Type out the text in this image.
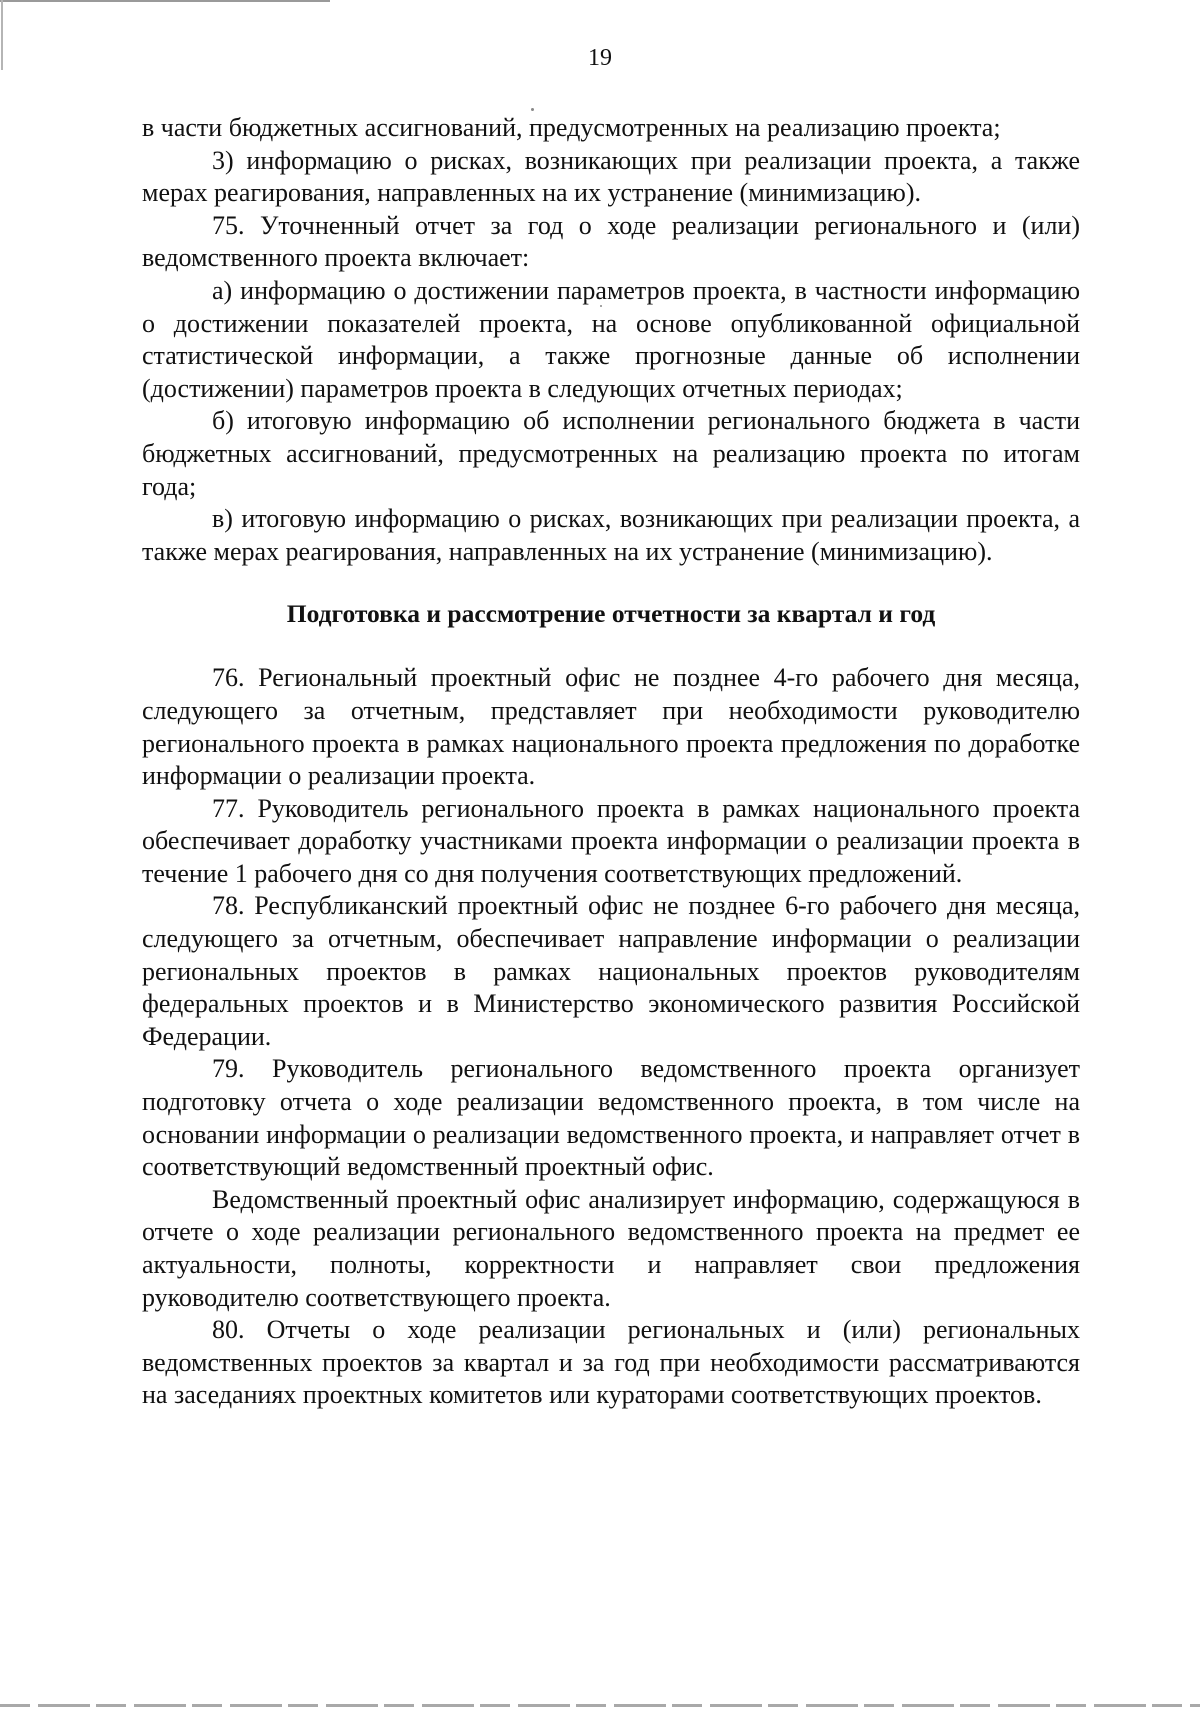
19

в части бюджетных ассигнований, предусмотренных на реализацию проекта;

3) информацию о рисках, возникающих при реализации проекта, а также мерах реагирования, направленных на их устранение (минимизацию).

75. Уточненный отчет за год о ходе реализации регионального и (или) ведомственного проекта включает:

а) информацию о достижении параметров проекта, в частности информацию о достижении показателей проекта, на основе опубликованной официальной статистической информации, а также прогнозные данные об исполнении (достижении) параметров проекта в следующих отчетных периодах;

б) итоговую информацию об исполнении регионального бюджета в части бюджетных ассигнований, предусмотренных на реализацию проекта по итогам года;

в) итоговую информацию о рисках, возникающих при реализации проекта, а также мерах реагирования, направленных на их устранение (минимизацию).

Подготовка и рассмотрение отчетности за квартал и год

76. Региональный проектный офис не позднее 4-го рабочего дня месяца, следующего за отчетным, представляет при необходимости руководителю регионального проекта в рамках национального проекта предложения по доработке информации о реализации проекта.

77. Руководитель регионального проекта в рамках национального проекта обеспечивает доработку участниками проекта информации о реализации проекта в течение 1 рабочего дня со дня получения соответствующих предложений.

78. Республиканский проектный офис не позднее 6-го рабочего дня месяца, следующего за отчетным, обеспечивает направление информации о реализации региональных проектов в рамках национальных проектов руководителям федеральных проектов и в Министерство экономического развития Российской Федерации.

79. Руководитель регионального ведомственного проекта организует подготовку отчета о ходе реализации ведомственного проекта, в том числе на основании информации о реализации ведомственного проекта, и направляет отчет в соответствующий ведомственный проектный офис.

Ведомственный проектный офис анализирует информацию, содержащуюся в отчете о ходе реализации регионального ведомственного проекта на предмет ее актуальности, полноты, корректности и направляет свои предложения руководителю соответствующего проекта.

80. Отчеты о ходе реализации региональных и (или) региональных ведомственных проектов за квартал и за год при необходимости рассматриваются на заседаниях проектных комитетов или кураторами соответствующих проектов.
